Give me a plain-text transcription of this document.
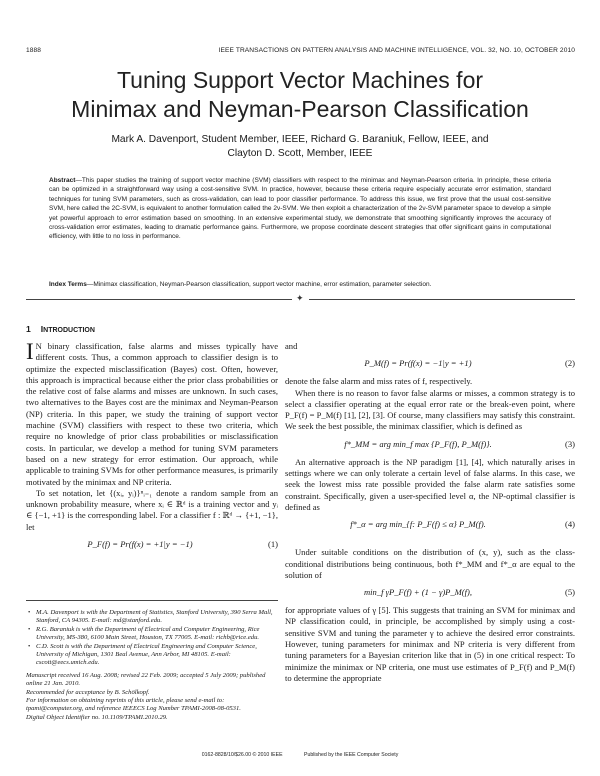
1888	IEEE TRANSACTIONS ON PATTERN ANALYSIS AND MACHINE INTELLIGENCE, VOL. 32, NO. 10, OCTOBER 2010
Tuning Support Vector Machines for
Minimax and Neyman-Pearson Classification
Mark A. Davenport, Student Member, IEEE, Richard G. Baraniuk, Fellow, IEEE, and
Clayton D. Scott, Member, IEEE
Abstract—This paper studies the training of support vector machine (SVM) classifiers with respect to the minimax and Neyman-Pearson criteria. In principle, these criteria can be optimized in a straightforward way using a cost-sensitive SVM. In practice, however, because these criteria require especially accurate error estimation, standard techniques for tuning SVM parameters, such as cross-validation, can lead to poor classifier performance. To address this issue, we first prove that the usual cost-sensitive SVM, here called the 2C-SVM, is equivalent to another formulation called the 2ν-SVM. We then exploit a characterization of the 2ν-SVM parameter space to develop a simple yet powerful approach to error estimation based on smoothing. In an extensive experimental study, we demonstrate that smoothing significantly improves the accuracy of cross-validation error estimates, leading to dramatic performance gains. Furthermore, we propose coordinate descent strategies that offer significant gains in computational efficiency, with little to no loss in performance.
Index Terms—Minimax classification, Neyman-Pearson classification, support vector machine, error estimation, parameter selection.
✦
1 INTRODUCTION

I N binary classification, false alarms and misses typically have different costs. Thus, a common approach to classifier design is to optimize the expected misclassification (Bayes) cost. Often, however, this approach is impractical because either the prior class probabilities or the relative cost of false alarms and misses are unknown. In such cases, two alternatives to the Bayes cost are the minimax and Neyman-Pearson (NP) criteria. In this paper, we study the training of support vector machine (SVM) classifiers with respect to these two criteria, which require no knowledge of prior class probabilities or misclassification costs. In particular, we develop a method for tuning SVM parameters based on a new strategy for error estimation. Our approach, while applicable to training SVMs for other performance measures, is primarily motivated by the minimax and NP criteria.

To set notation, let {(xᵢ, yᵢ)}ⁿᵢ₌₁ denote a random sample from an unknown probability measure, where xᵢ ∈ ℝᵈ is a training vector and yᵢ ∈ {−1, +1} is the corresponding label. For a classifier f : ℝᵈ → {+1, −1}, let

P_F(f) = Pr(f(x) = +1|y = −1)	(1)

and

P_M(f) = Pr(f(x) = −1|y = +1)	(2)

denote the false alarm and miss rates of f, respectively.

When there is no reason to favor false alarms or misses, a common strategy is to select a classifier operating at the equal error rate or the break-even point, where P_F(f) = P_M(f) [1], [2], [3]. Of course, many classifiers may satisfy this constraint. We seek the best possible, the minimax classifier, which is defined as

f*_MM = arg min_f max {P_F(f), P_M(f)}.	(3)

An alternative approach is the NP paradigm [1], [4], which naturally arises in settings where we can only tolerate a certain level of false alarms. In this case, we seek the lowest miss rate possible provided the false alarm rate satisfies some constraint. Specifically, given a user-specified level α, the NP-optimal classifier is defined as

f*_α = arg min_{f: P_F(f) ≤ α} P_M(f).	(4)

Under suitable conditions on the distribution of (x, y), such as the class-conditional distributions being continuous, both f*_MM and f*_α are equal to the solution of

min_f γP_F(f) + (1 − γ)P_M(f),	(5)

for appropriate values of γ [5]. This suggests that training an SVM for minimax and NP classification could, in principle, be accomplished by simply using a cost-sensitive SVM and tuning the parameter γ to achieve the desired error constraints. However, tuning parameters for minimax and NP criteria is very different from tuning parameters for a Bayesian criterion like that in (5) in one critical respect: To minimize the minimax or NP criteria, one must use estimates of P_F(f) and P_M(f) to determine the appropriate

• M.A. Davenport is with the Department of Statistics, Stanford University, 390 Serra Mall, Stanford, CA 94305. E-mail: md@stanford.edu.
• R.G. Baraniuk is with the Department of Electrical and Computer Engineering, Rice University, MS-380, 6100 Main Street, Houston, TX 77005. E-mail: richb@rice.edu.
• C.D. Scott is with the Department of Electrical Engineering and Computer Science, University of Michigan, 1301 Beal Avenue, Ann Arbor, MI 48105. E-mail: cscott@eecs.umich.edu.
Manuscript received 16 Aug. 2008; revised 22 Feb. 2009; accepted 5 July 2009; published online 21 Jan. 2010.
Recommended for acceptance by B. Schölkopf.
For information on obtaining reprints of this article, please send e-mail to: tpami@computer.org, and reference IEEECS Log Number TPAMI-2008-08-0531.
Digital Object Identifier no. 10.1109/TPAMI.2010.29.
0162-8828/10/$26.00 © 2010 IEEE	Published by the IEEE Computer Society
